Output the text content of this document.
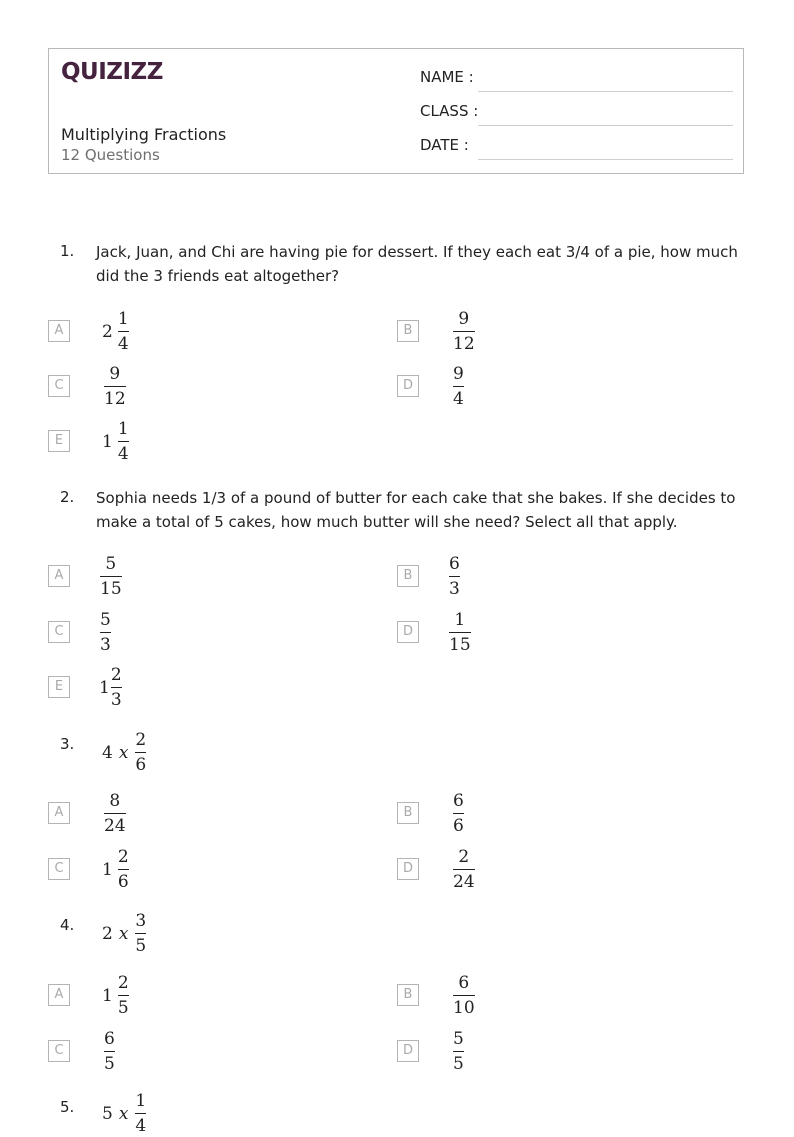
QUIZIZZ
Multiplying Fractions
12 Questions
NAME :
CLASS :
DATE :
1. Jack, Juan, and Chi are having pie for dessert. If they each eat 3/4 of a pie, how much did the 3 friends eat altogether?
A	$2 \frac{1}{4}$	B	$\frac{9}{12}$
C	$\frac{9}{12}$	D	$\frac{9}{4}$
E	$1 \frac{1}{4}$
2. Sophia needs 1/3 of a pound of butter for each cake that she bakes. If she decides to make a total of 5 cakes, how much butter will she need? Select all that apply.
A	$\frac{5}{15}$	B	$\frac{6}{3}$
C	$\frac{5}{3}$	D	$\frac{1}{15}$
E	$1 \frac{2}{3}$
3. 4 x $\frac{2}{6}$
A	$\frac{8}{24}$	B	$\frac{6}{6}$
C	$1 \frac{2}{6}$	D	$\frac{2}{24}$
4. 2 x $\frac{3}{5}$
A	$1 \frac{2}{5}$	B	$\frac{6}{10}$
C	$\frac{6}{5}$	D	$\frac{5}{5}$
5. 5 x $\frac{1}{4}$
